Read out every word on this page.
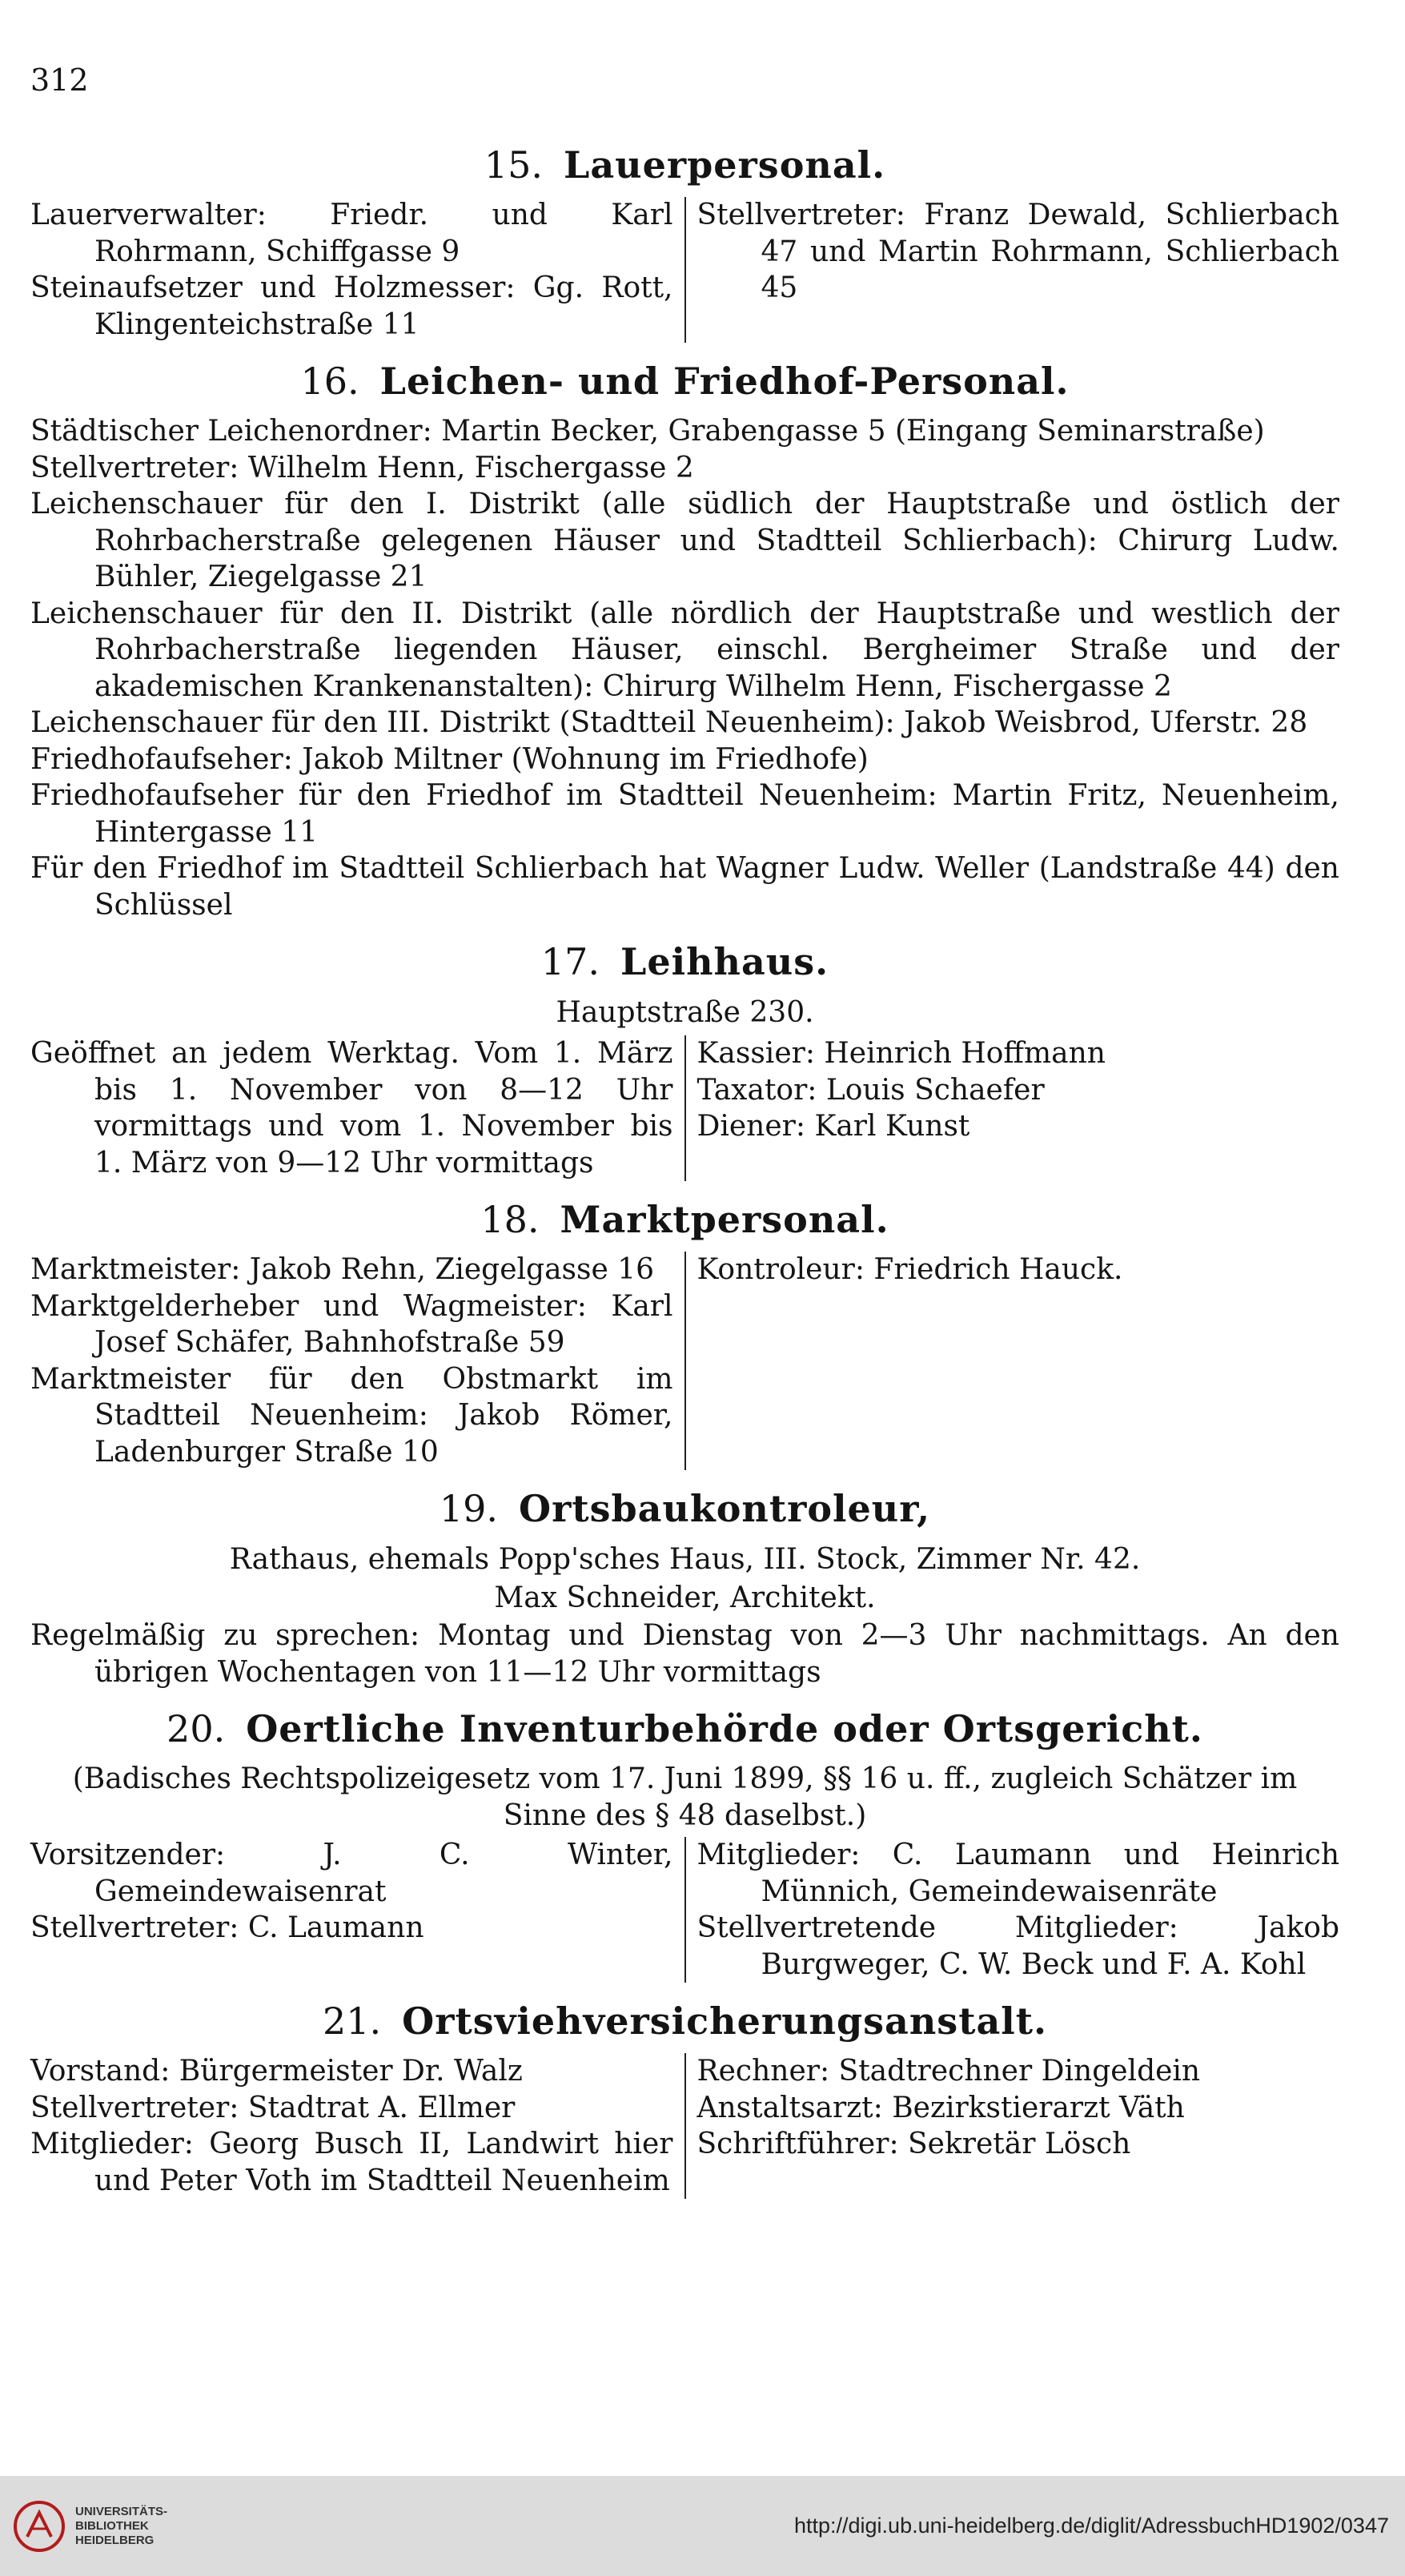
312
15. Lauerpersonal.
Lauerverwalter: Friedr. und Karl Rohrmann, Schiffgasse 9
Steinaufsetzer und Holzmesser: Gg. Rott, Klingenteichstraße 11
Stellvertreter: Franz Dewald, Schlierbach 47 und Martin Rohrmann, Schlierbach 45
16. Leichen- und Friedhof-Personal.
Städtischer Leichenordner: Martin Becker, Grabengasse 5 (Eingang Seminarstraße)
Stellvertreter: Wilhelm Henn, Fischergasse 2
Leichenschauer für den I. Distrikt (alle südlich der Hauptstraße und östlich der Rohrbacherstraße gelegenen Häuser und Stadtteil Schlierbach): Chirurg Ludw. Bühler, Ziegelgasse 21
Leichenschauer für den II. Distrikt (alle nördlich der Hauptstraße und westlich der Rohrbacherstraße liegenden Häuser, einschl. Bergheimer Straße und der akademischen Krankenanstalten): Chirurg Wilhelm Henn, Fischergasse 2
Leichenschauer für den III. Distrikt (Stadtteil Neuenheim): Jakob Weisbrod, Uferstr. 28
Friedhofaufseher: Jakob Miltner (Wohnung im Friedhofe)
Friedhofaufseher für den Friedhof im Stadtteil Neuenheim: Martin Fritz, Neuenheim, Hintergasse 11
Für den Friedhof im Stadtteil Schlierbach hat Wagner Ludw. Weller (Landstraße 44) den Schlüssel
17. Leihhaus.
Hauptstraße 230.
Geöffnet an jedem Werktag. Vom 1. März bis 1. November von 8—12 Uhr vormittags und vom 1. November bis 1. März von 9—12 Uhr vormittags
Kassier: Heinrich Hoffmann
Taxator: Louis Schaefer
Diener: Karl Kunst
18. Marktpersonal.
Marktmeister: Jakob Rehn, Ziegelgasse 16
Marktgelderheber und Wagmeister: Karl Josef Schäfer, Bahnhofstraße 59
Marktmeister für den Obstmarkt im Stadtteil Neuenheim: Jakob Römer, Ladenburger Straße 10
Kontroleur: Friedrich Hauck.
19. Ortsbaukontroleur,
Rathaus, ehemals Popp'sches Haus, III. Stock, Zimmer Nr. 42.
Max Schneider, Architekt.
Regelmäßig zu sprechen: Montag und Dienstag von 2—3 Uhr nachmittags. An den übrigen Wochentagen von 11—12 Uhr vormittags
20. Oertliche Inventurbehörde oder Ortsgericht.
(Badisches Rechtspolizeigesetz vom 17. Juni 1899, §§ 16 u. ff., zugleich Schätzer im Sinne des § 48 daselbst.)
Vorsitzender: J. C. Winter, Gemeindewaisenrat
Stellvertreter: C. Laumann
Mitglieder: C. Laumann und Heinrich Münnich, Gemeindewaisenräte
Stellvertretende Mitglieder: Jakob Burgweger, C. W. Beck und F. A. Kohl
21. Ortsviehversicherungsanstalt.
Vorstand: Bürgermeister Dr. Walz
Stellvertreter: Stadtrat A. Ellmer
Mitglieder: Georg Busch II, Landwirt hier und Peter Voth im Stadtteil Neuenheim
Rechner: Stadtrechner Dingeldein
Anstaltsarzt: Bezirkstierarzt Väth
Schriftführer: Sekretär Lösch
UNIVERSITÄTS-
BIBLIOTHEK
HEIDELBERG
http://digi.ub.uni-heidelberg.de/diglit/AdressbuchHD1902/0347
